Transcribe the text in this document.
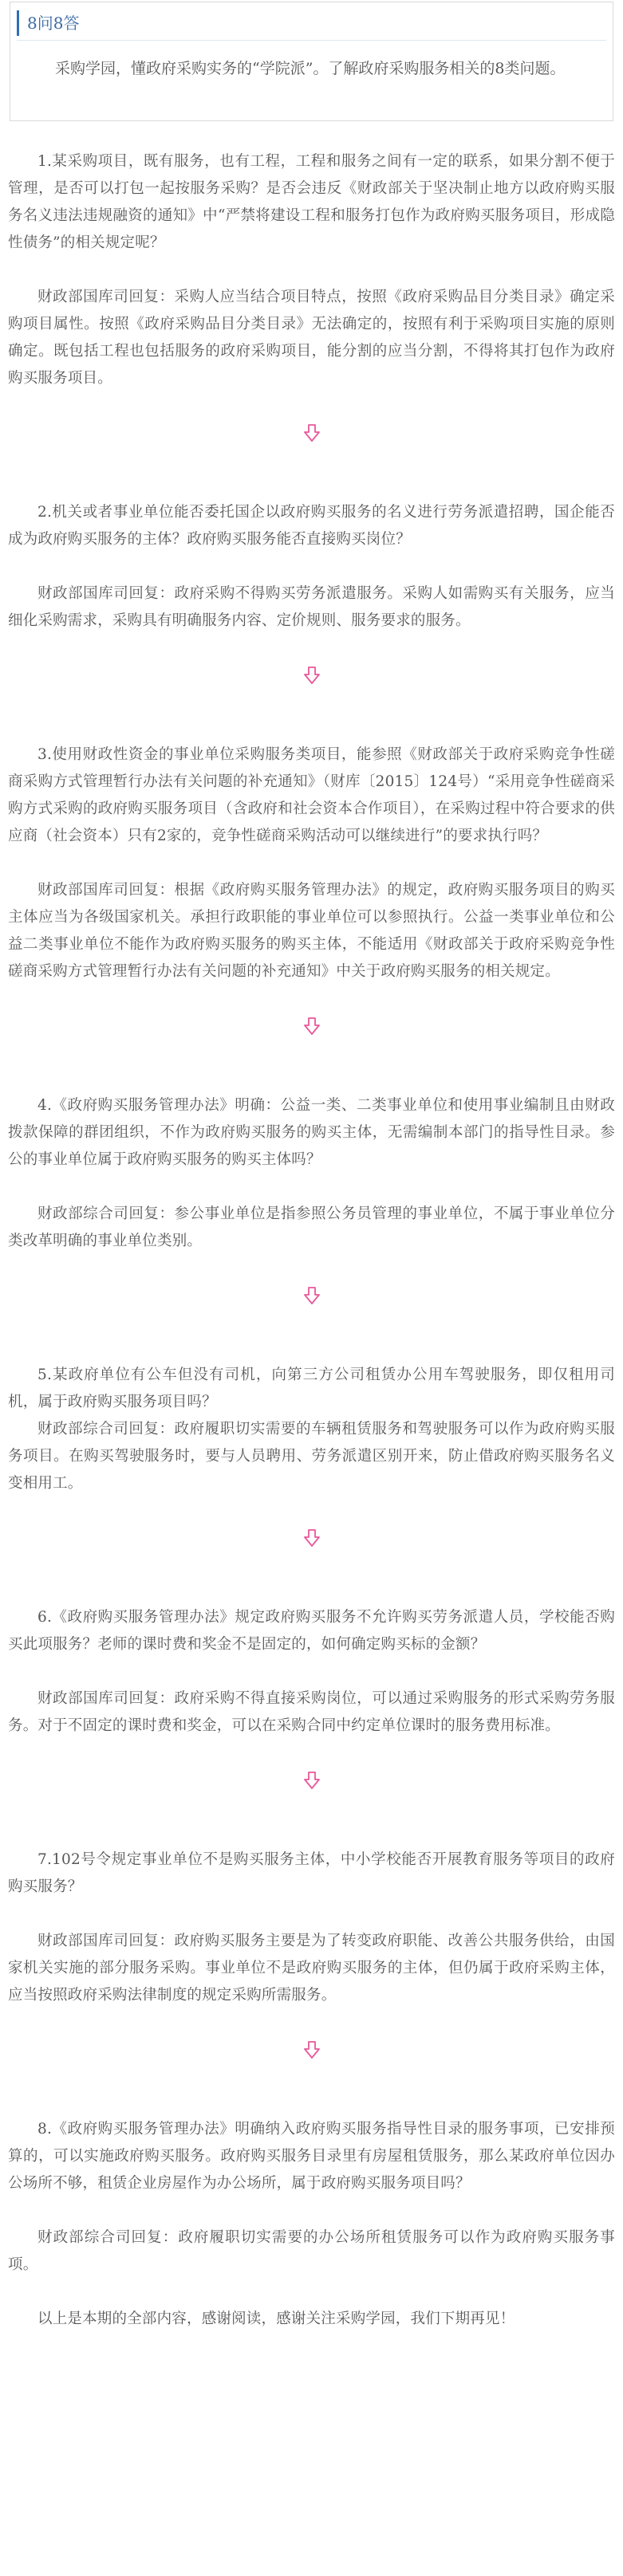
8问8答

采购学园，懂政府采购实务的“学院派”。了解政府采购服务相关的8类问题。

1.某采购项目，既有服务，也有工程，工程和服务之间有一定的联系，如果分割不便于管理，是否可以打包一起按服务采购？是否会违反《财政部关于坚决制止地方以政府购买服务名义违法违规融资的通知》中“严禁将建设工程和服务打包作为政府购买服务项目，形成隐性债务”的相关规定呢？

财政部国库司回复：采购人应当结合项目特点，按照《政府采购品目分类目录》确定采购项目属性。按照《政府采购品目分类目录》无法确定的，按照有利于采购项目实施的原则确定。既包括工程也包括服务的政府采购项目，能分割的应当分割，不得将其打包作为政府购买服务项目。

2.机关或者事业单位能否委托国企以政府购买服务的名义进行劳务派遣招聘，国企能否成为政府购买服务的主体？政府购买服务能否直接购买岗位？

财政部国库司回复：政府采购不得购买劳务派遣服务。采购人如需购买有关服务，应当细化采购需求，采购具有明确服务内容、定价规则、服务要求的服务。

3.使用财政性资金的事业单位采购服务类项目，能参照《财政部关于政府采购竞争性磋商采购方式管理暂行办法有关问题的补充通知》（财库〔2015〕124号）“采用竞争性磋商采购方式采购的政府购买服务项目（含政府和社会资本合作项目），在采购过程中符合要求的供应商（社会资本）只有2家的，竞争性磋商采购活动可以继续进行”的要求执行吗？

财政部国库司回复：根据《政府购买服务管理办法》的规定，政府购买服务项目的购买主体应当为各级国家机关。承担行政职能的事业单位可以参照执行。公益一类事业单位和公益二类事业单位不能作为政府购买服务的购买主体，不能适用《财政部关于政府采购竞争性磋商采购方式管理暂行办法有关问题的补充通知》中关于政府购买服务的相关规定。

4.《政府购买服务管理办法》明确：公益一类、二类事业单位和使用事业编制且由财政拨款保障的群团组织，不作为政府购买服务的购买主体，无需编制本部门的指导性目录。参公的事业单位属于政府购买服务的购买主体吗？

财政部综合司回复：参公事业单位是指参照公务员管理的事业单位，不属于事业单位分类改革明确的事业单位类别。

5.某政府单位有公车但没有司机，向第三方公司租赁办公用车驾驶服务，即仅租用司机，属于政府购买服务项目吗？

财政部综合司回复：政府履职切实需要的车辆租赁服务和驾驶服务可以作为政府购买服务项目。在购买驾驶服务时，要与人员聘用、劳务派遣区别开来，防止借政府购买服务名义变相用工。

6.《政府购买服务管理办法》规定政府购买服务不允许购买劳务派遣人员，学校能否购买此项服务？老师的课时费和奖金不是固定的，如何确定购买标的金额？

财政部国库司回复：政府采购不得直接采购岗位，可以通过采购服务的形式采购劳务服务。对于不固定的课时费和奖金，可以在采购合同中约定单位课时的服务费用标准。

7.102号令规定事业单位不是购买服务主体，中小学校能否开展教育服务等项目的政府购买服务？

财政部国库司回复：政府购买服务主要是为了转变政府职能、改善公共服务供给，由国家机关实施的部分服务采购。事业单位不是政府购买服务的主体，但仍属于政府采购主体，应当按照政府采购法律制度的规定采购所需服务。

8.《政府购买服务管理办法》明确纳入政府购买服务指导性目录的服务事项，已安排预算的，可以实施政府购买服务。政府购买服务目录里有房屋租赁服务，那么某政府单位因办公场所不够，租赁企业房屋作为办公场所，属于政府购买服务项目吗？

财政部综合司回复：政府履职切实需要的办公场所租赁服务可以作为政府购买服务事项。

以上是本期的全部内容，感谢阅读，感谢关注采购学园，我们下期再见！
